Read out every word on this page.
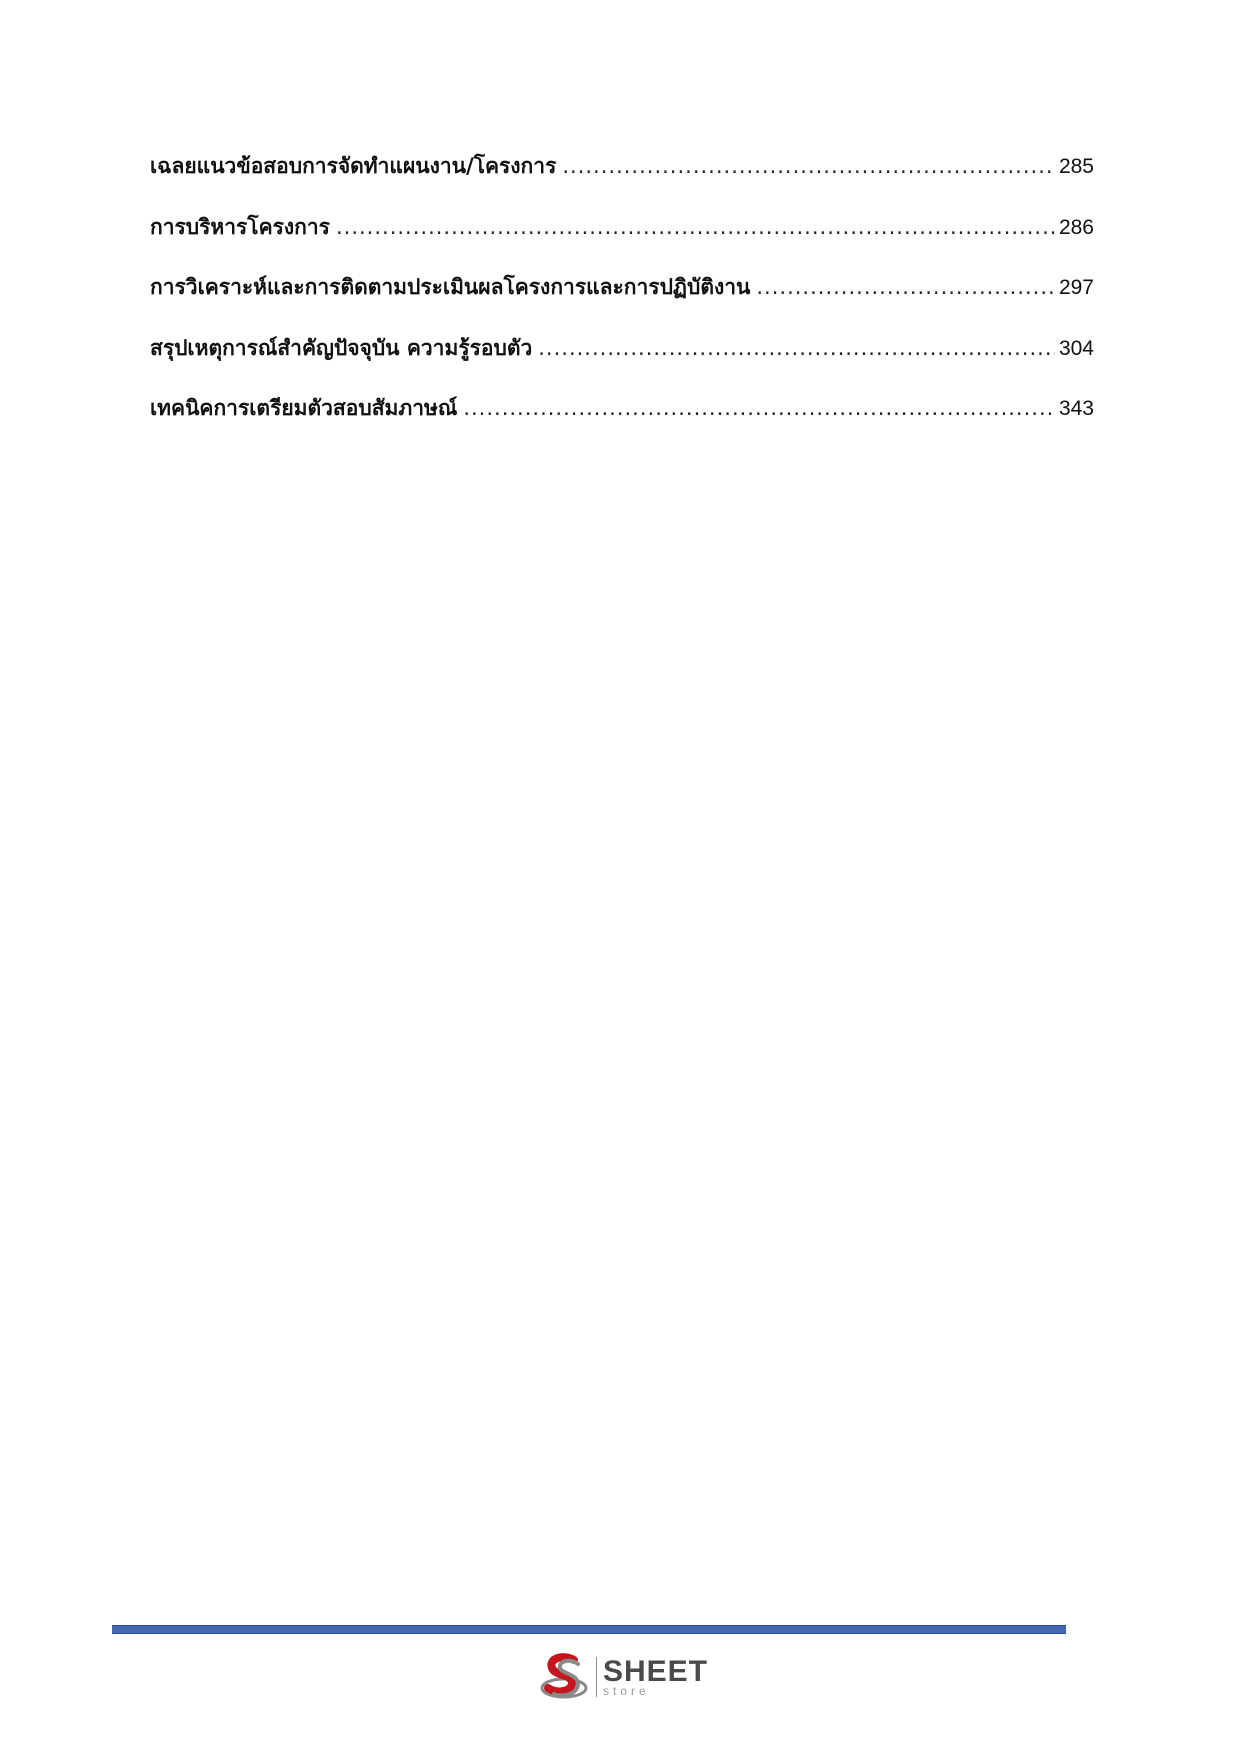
เฉลยแนวข้อสอบการจัดทำแผนงาน/โครงการ .....	285
การบริหารโครงการ .....	286
การวิเคราะห์และการติดตามประเมินผลโครงการและการปฏิบัติงาน .....	297
สรุปเหตุการณ์สำคัญปัจจุบัน ความรู้รอบตัว .....	304
เทคนิคการเตรียมตัวสอบสัมภาษณ์ .....	343
SHEET
store
